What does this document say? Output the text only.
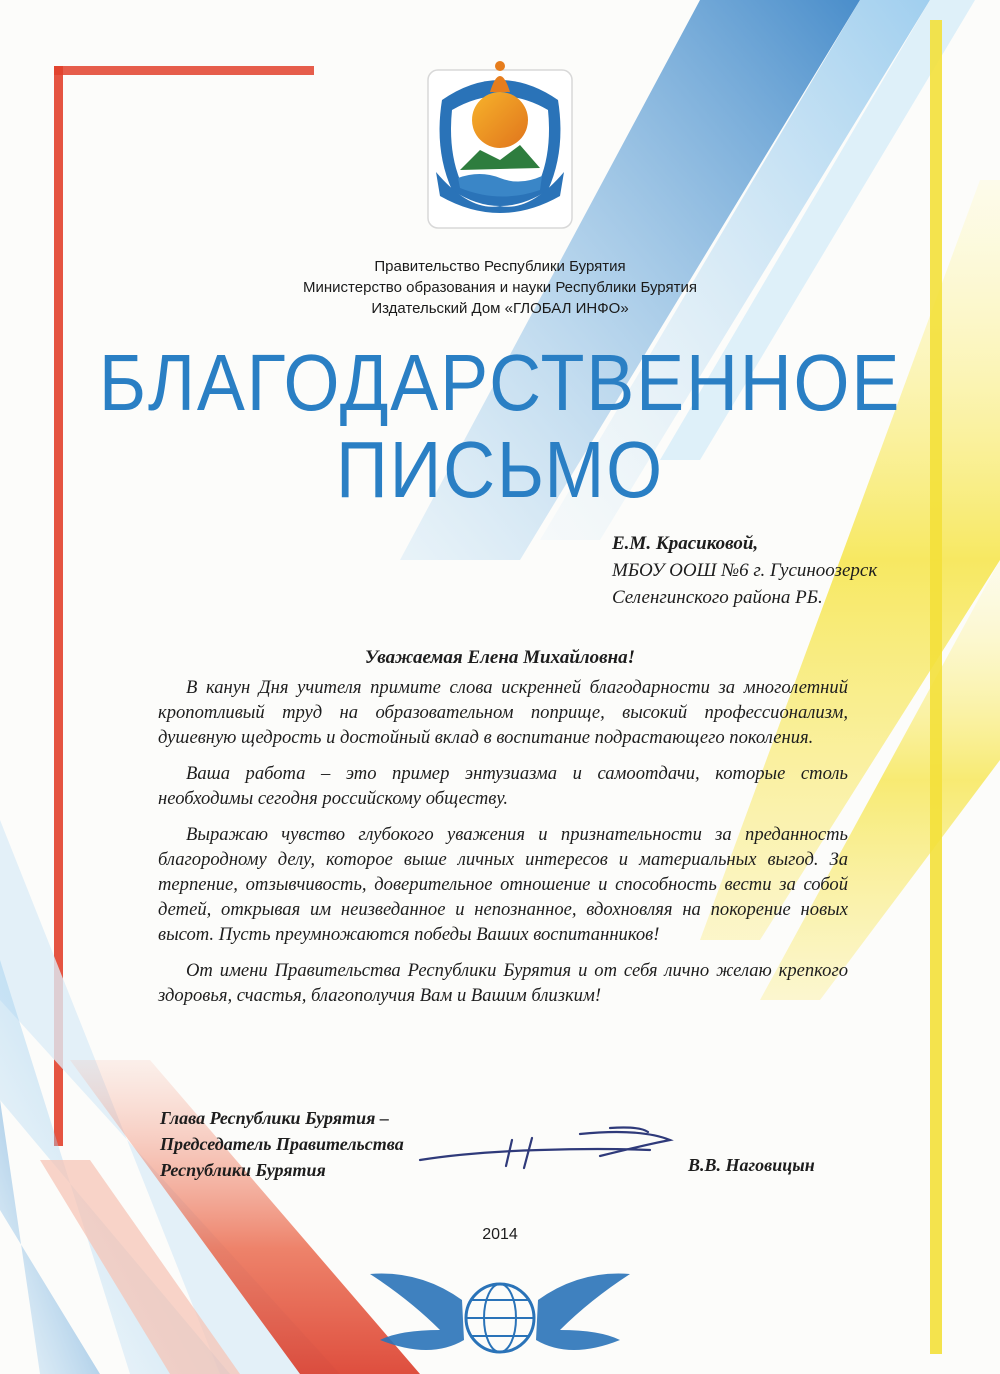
Правительство Республики Бурятия
Министерство образования и науки Республики Бурятия
Издательский Дом «ГЛОБАЛ ИНФО»
БЛАГОДАРСТВЕННОЕ
ПИСЬМО
Е.М. Красиковой,
МБОУ ООШ №6 г. Гусиноозерск
Селенгинского района РБ.
Уважаемая Елена Михайловна!

В канун Дня учителя примите слова искренней благодарности за многолетний кропотливый труд на образовательном поприще, высокий профессионализм, душевную щедрость и достойный вклад в воспитание подрастающего поколения.

Ваша работа – это пример энтузиазма и самоотдачи, которые столь необходимы сегодня российскому обществу.

Выражаю чувство глубокого уважения и признательности за преданность благородному делу, которое выше личных интересов и материальных выгод. За терпение, отзывчивость, доверительное отношение и способность вести за собой детей, открывая им неизведанное и непознанное, вдохновляя на покорение новых высот. Пусть преумножаются победы Ваших воспитанников!

От имени Правительства Республики Бурятия и от себя лично желаю крепкого здоровья, счастья, благополучия Вам и Вашим близким!

Глава Республики Бурятия –
Председатель Правительства
Республики Бурятия	В.В. Наговицын
2014
